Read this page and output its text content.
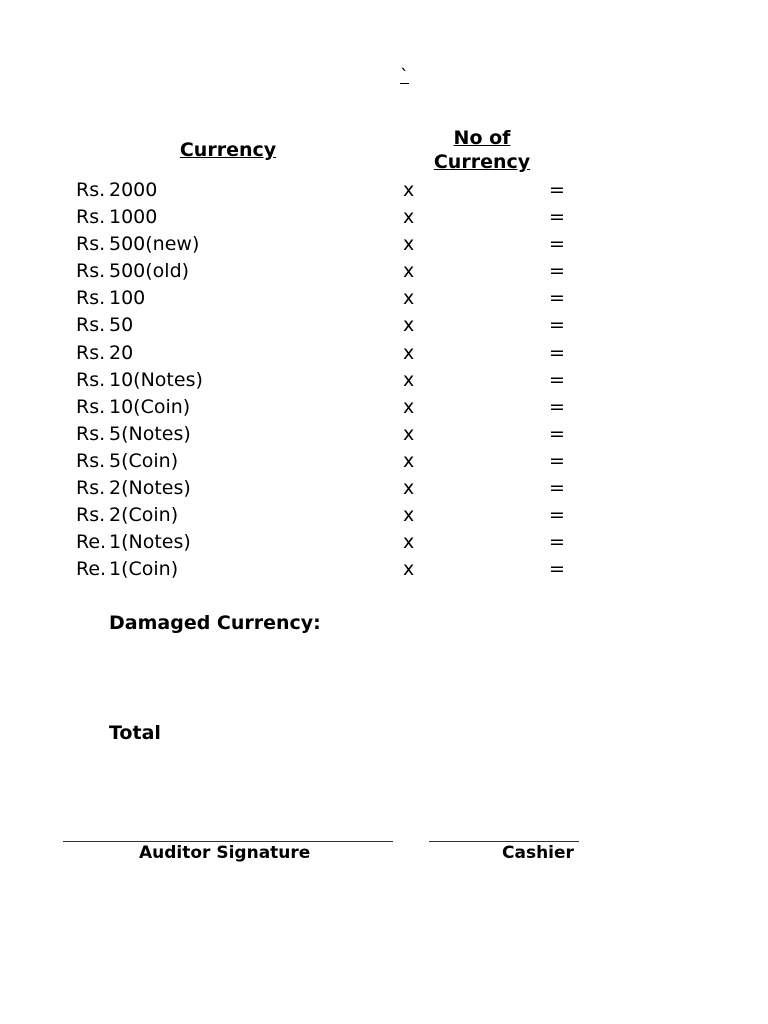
`
Currency
No of
Currency
Rs. 2000	x	=
Rs. 1000	x	=
Rs. 500(new)	x	=
Rs. 500(old)	x	=
Rs. 100	x	=
Rs. 50	x	=
Rs. 20	x	=
Rs. 10(Notes)	x	=
Rs. 10(Coin)	x	=
Rs. 5(Notes)	x	=
Rs. 5(Coin)	x	=
Rs. 2(Notes)	x	=
Rs. 2(Coin)	x	=
Re. 1(Notes)	x	=
Re. 1(Coin)	x	=
Damaged Currency:
Total
Auditor Signature	Cashier
